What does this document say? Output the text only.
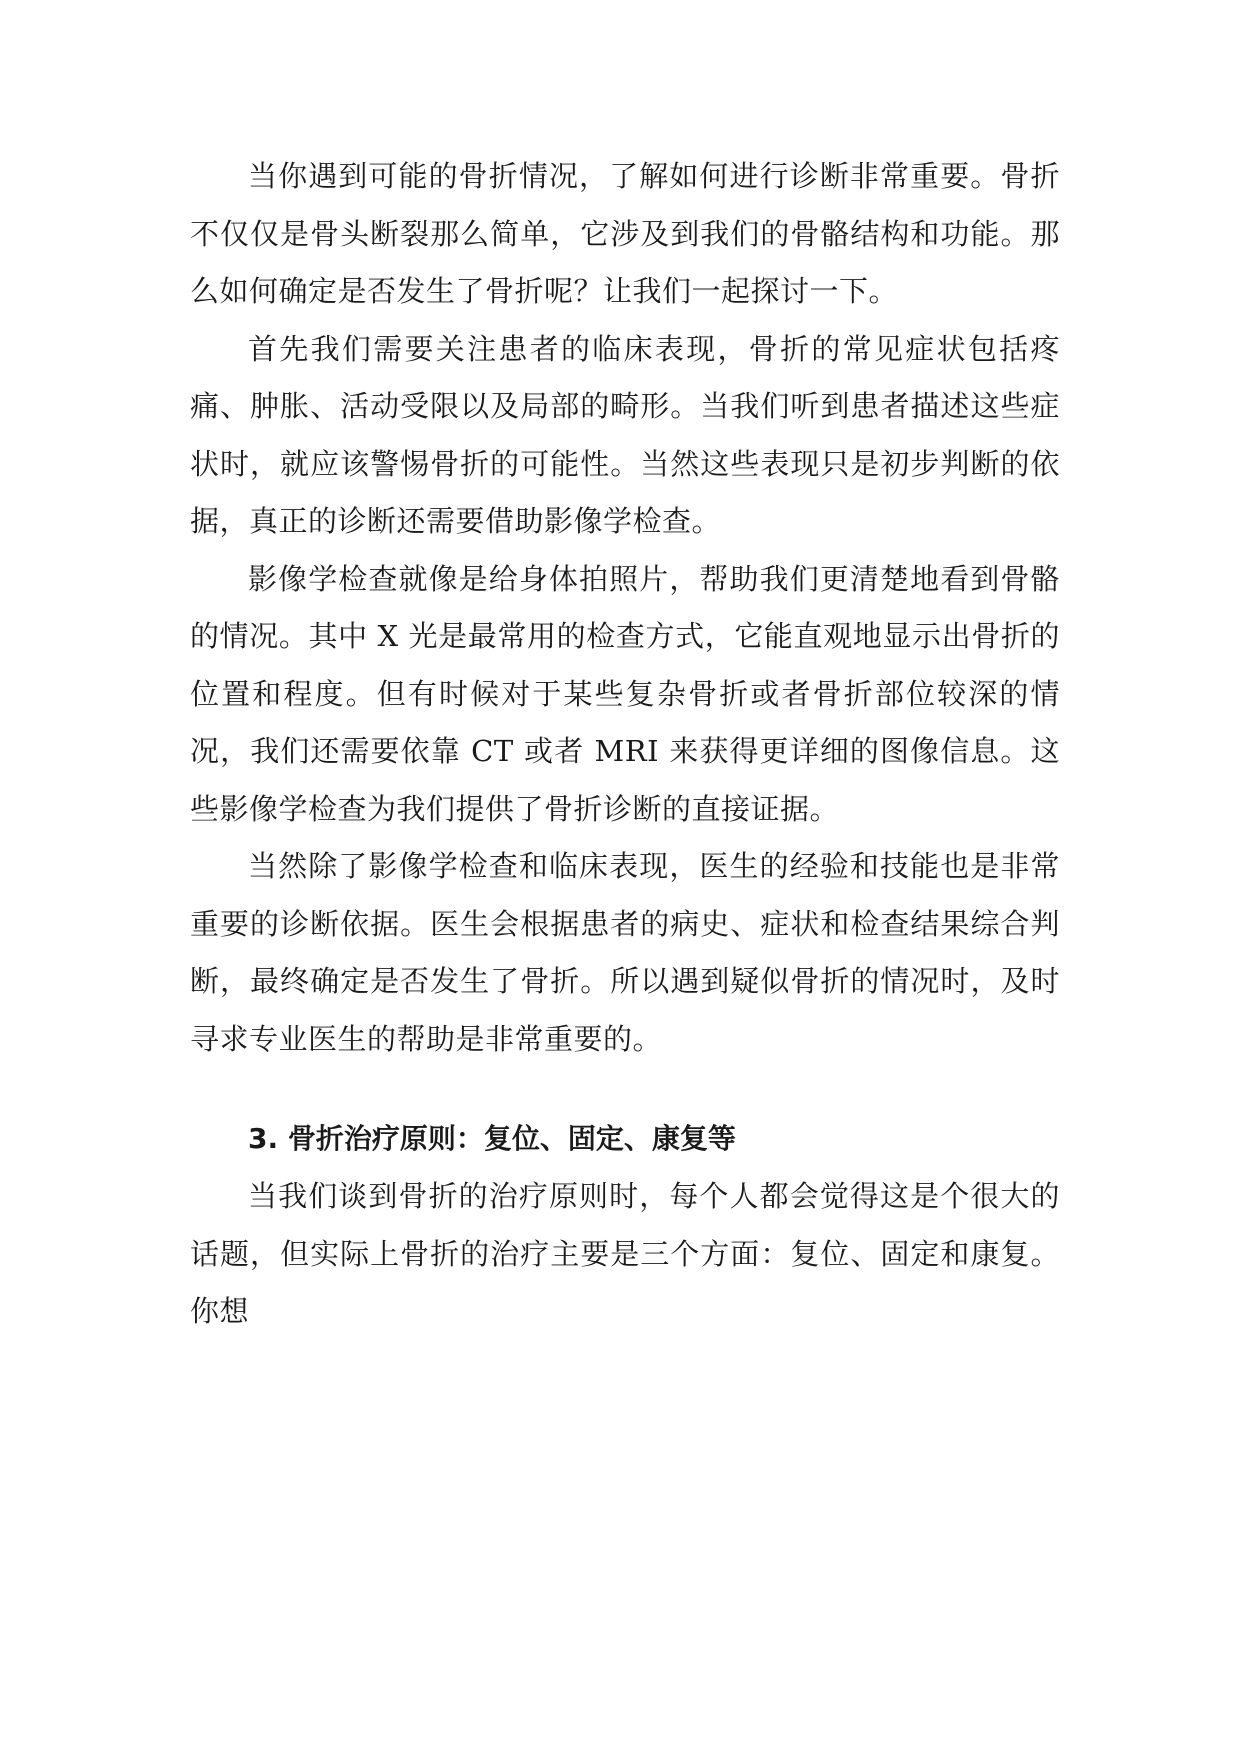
当你遇到可能的骨折情况，了解如何进行诊断非常重要。骨折不仅仅是骨头断裂那么简单，它涉及到我们的骨骼结构和功能。那么如何确定是否发生了骨折呢？让我们一起探讨一下。

首先我们需要关注患者的临床表现，骨折的常见症状包括疼痛、肿胀、活动受限以及局部的畸形。当我们听到患者描述这些症状时，就应该警惕骨折的可能性。当然这些表现只是初步判断的依据，真正的诊断还需要借助影像学检查。

影像学检查就像是给身体拍照片，帮助我们更清楚地看到骨骼的情况。其中 X 光是最常用的检查方式，它能直观地显示出骨折的位置和程度。但有时候对于某些复杂骨折或者骨折部位较深的情况，我们还需要依靠 CT 或者 MRI 来获得更详细的图像信息。这些影像学检查为我们提供了骨折诊断的直接证据。

当然除了影像学检查和临床表现，医生的经验和技能也是非常重要的诊断依据。医生会根据患者的病史、症状和检查结果综合判断，最终确定是否发生了骨折。所以遇到疑似骨折的情况时，及时寻求专业医生的帮助是非常重要的。

3. 骨折治疗原则：复位、固定、康复等

当我们谈到骨折的治疗原则时，每个人都会觉得这是个很大的话题，但实际上骨折的治疗主要是三个方面：复位、固定和康复。你想
